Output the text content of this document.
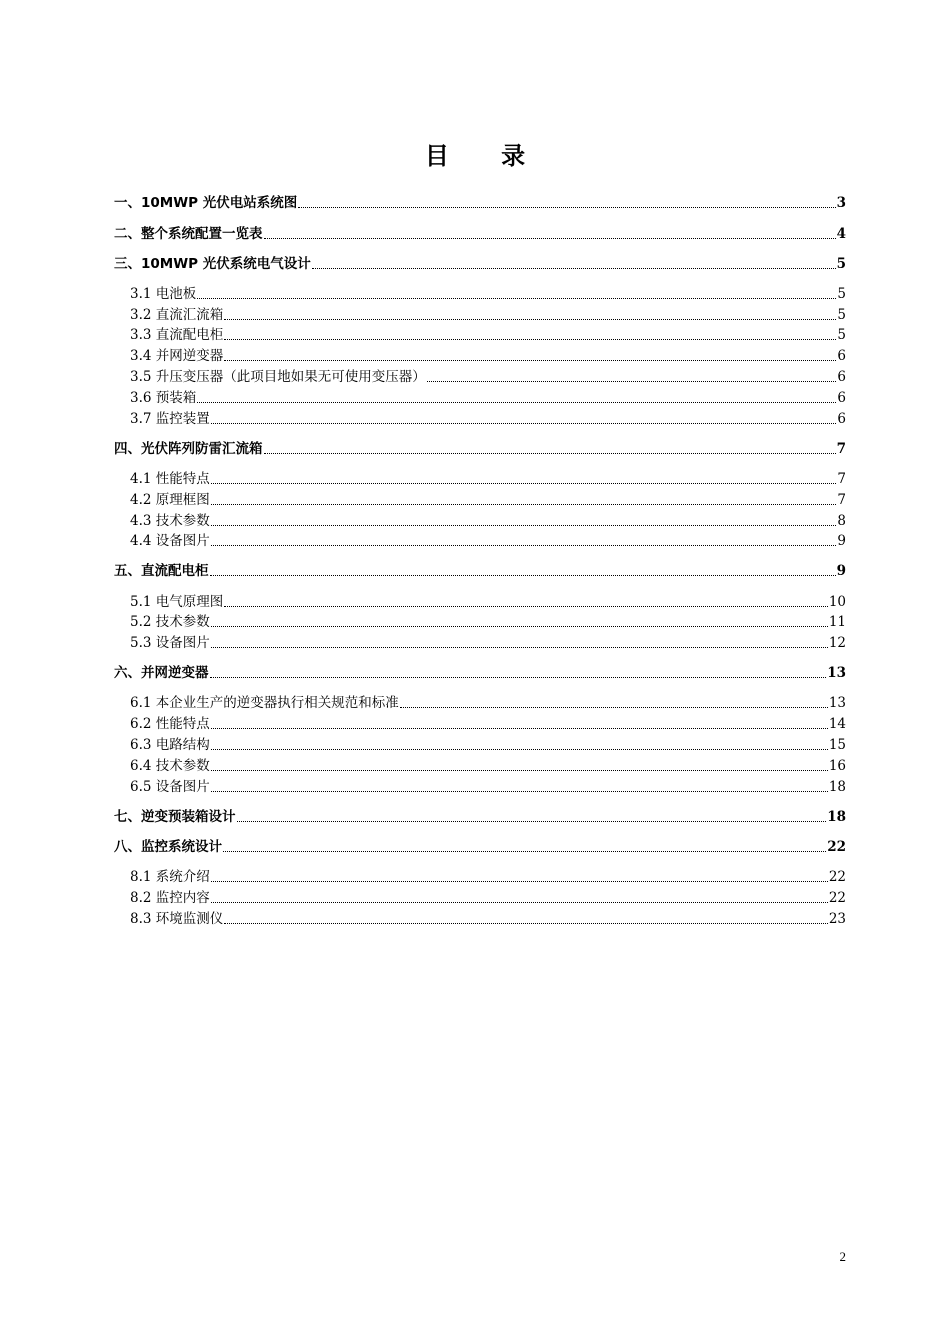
目 录
一、10MWP 光伏电站系统图	3
二、整个系统配置一览表	4
三、10MWP 光伏系统电气设计	5
3.1 电池板	5
3.2 直流汇流箱	5
3.3 直流配电柜	5
3.4 并网逆变器	6
3.5 升压变压器（此项目地如果无可使用变压器）	6
3.6 预装箱	6
3.7 监控装置	6
四、光伏阵列防雷汇流箱	7
4.1 性能特点	7
4.2 原理框图	7
4.3 技术参数	8
4.4 设备图片	9
五、直流配电柜	9
5.1 电气原理图	10
5.2 技术参数	11
5.3 设备图片	12
六、并网逆变器	13
6.1 本企业生产的逆变器执行相关规范和标准	13
6.2 性能特点	14
6.3 电路结构	15
6.4 技术参数	16
6.5 设备图片	18
七、逆变预装箱设计	18
八、监控系统设计	22
8.1 系统介绍	22
8.2 监控内容	22
8.3 环境监测仪	23
2
